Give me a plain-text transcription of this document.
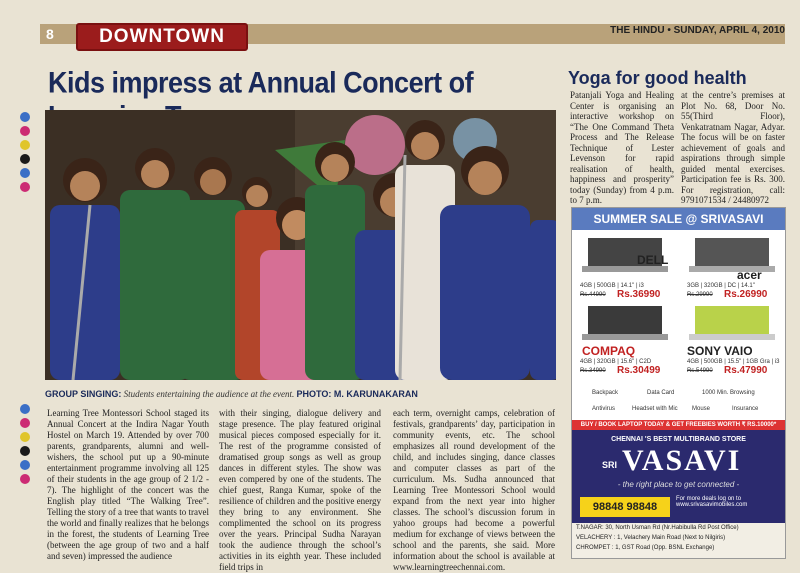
8	DOWNTOWN	THE HINDU • SUNDAY, APRIL 4, 2010
Kids impress at Annual Concert of
GROUP SINGING: Students entertaining the audience at the event. PHOTO: M. KARUNAKARAN
Learning Tree Montessori School staged its Annual Concert at the Indira Nagar Youth Hostel on March 19. Attended by over 700 parents, grandparents, alumni and well-wishers, the school put up a 90-minute entertainment programme involving all 125 of their students in the age group of 2 1/2 - 7). The highlight of the concert was the English play titled “The Walking Tree”. Telling the story of a tree that wants to travel the world and finally realizes that he belongs in the forest, the students of Learning Tree (between the age group of two and a half and seven) impressed the audience
with their singing, dialogue delivery and stage presence. The play featured original musical pieces composed especially for it. The rest of the programme consisted of dramatised group songs as well as group dances in different styles. The show was even compered by one of the students. The chief guest, Ranga Kumar, spoke of the resilience of children and the positive energy they bring to any environment. She complimented the school on its progress over the years. Principal Sudha Narayan took the audience through the school’s activities in its eighth year. These included field trips in
each term, overnight camps, celebration of festivals, grandparents’ day, participation in community events, etc. The school emphasizes all round development of the child, and includes singing, dance classes and computer classes as part of the curriculum. Ms. Sudha announced that Learning Tree Montessori School would expand from the next year into higher classes. The school’s discussion forum in yahoo groups had become a powerful medium for exchange of views between the school and the parents, she said. More information about the school is available at www.learningtreechennai.com.
Yoga for good health
Patanjali Yoga and Healing Center is organising an interactive workshop on “The One Command Theta Process and The Release Technique of Lester Levenson for rapid realisation of health, happiness and prosperity” today (Sunday) from 4 p.m. to 7 p.m.
at the centre’s premises at Plot No. 68, Door No. 55(Third Floor), Venkatratnam Nagar, Adyar. The focus will be on faster achievement of goals and aspirations through simple guided mental exercises. Participation fee is Rs. 300. For registration, call: 9791071534 / 24480972
SUMMER SALE @ SRIVASAVI
DELL
4GB | 500GB | 14.1" | i3
Rs.44990 Rs.36990
acer
3GB | 320GB | DC | 14.1"
Rs.29990 Rs.26990
COMPAQ
4GB | 320GB | 15.6" | C2D
Rs.34990 Rs.30499
SONY VAIO
4GB | 500GB | 15.5" | 1GB Gra | i3
Rs.54990 Rs.47990
Backpack	Data Card	1000 Min. Browsing
Antivirus	Headset with Mic Mouse	Insurance
BUY / BOOK LAPTOP TODAY & GET FREEBIES WORTH ₹ RS.10000*
CHENNAI 'S BEST MULTIBRAND STORE
SRI VASAVI
- the right place to get connected -
98848 98848
For more deals log on to www.srivasavimobiles.com
T.NAGAR: 30, North Usman Rd (Nr.Habibulla Rd Post Office)
VELACHERY : 1, Velachery Main Road (Next to Nilgiris)
CHROMPET : 1, GST Road (Opp. BSNL Exchange)
